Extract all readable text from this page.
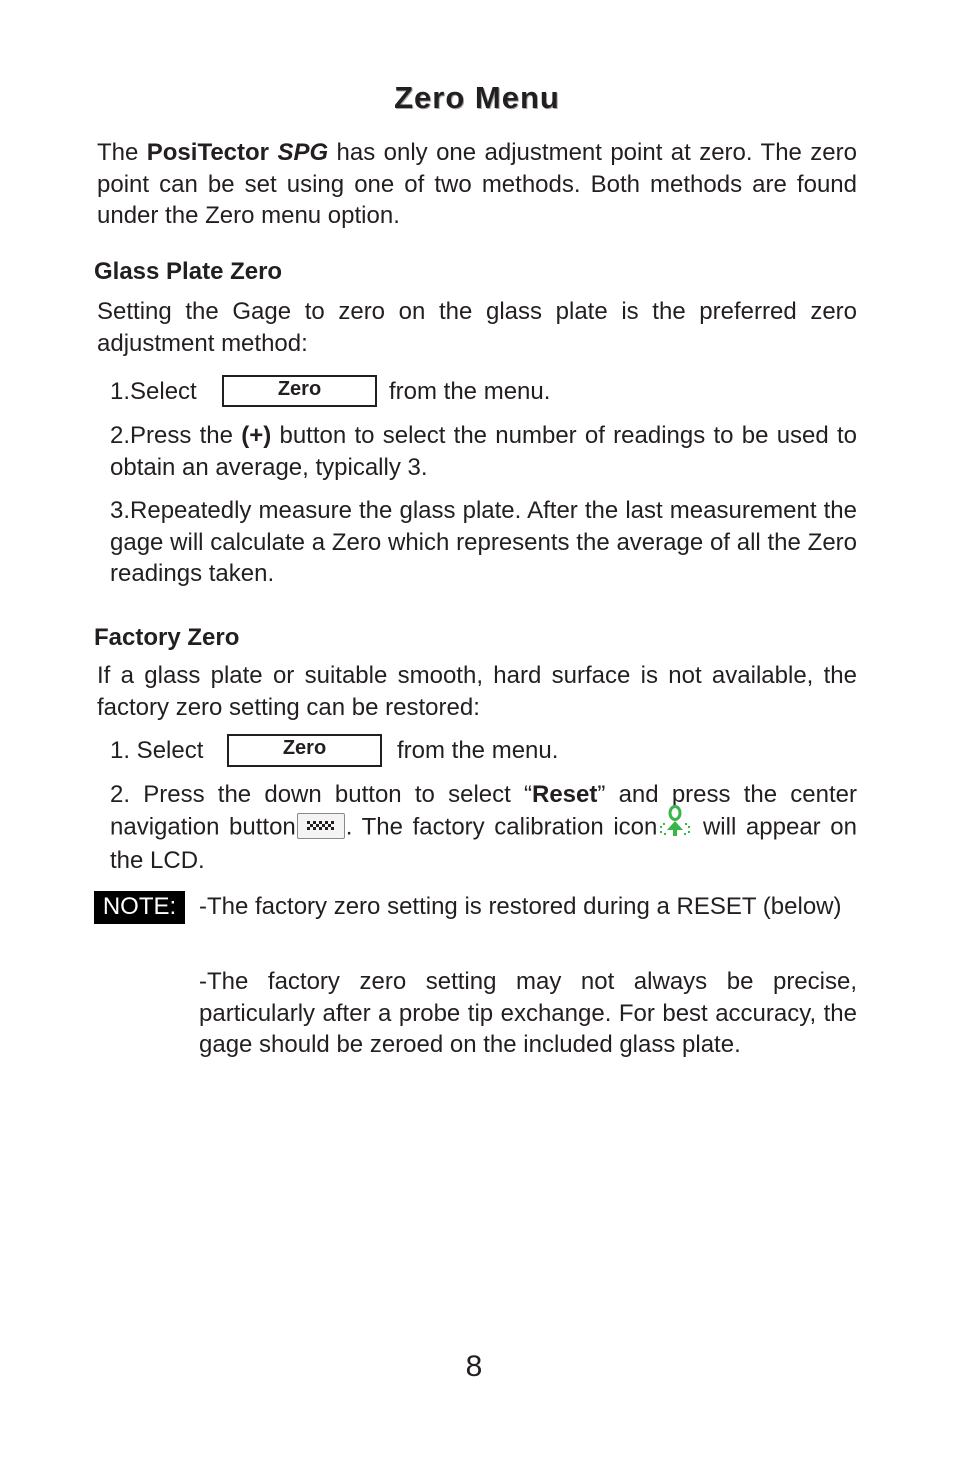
Zero Menu

The PosiTector SPG has only one adjustment point at zero. The zero point can be set using one of two methods. Both methods are found under the Zero menu option.

Glass Plate Zero

Setting the Gage to zero on the glass plate is the preferred zero adjustment method:

1.Select	Zero	from the menu.

2.Press the (+) button to select the number of readings to be used to obtain an average, typically 3.

3.Repeatedly measure the glass plate. After the last measurement the gage will calculate a Zero which represents the average of all the Zero readings taken.

Factory Zero

If a glass plate or suitable smooth, hard surface is not available, the factory zero setting can be restored:

1. Select	Zero	from the menu.

2. Press the down button to select “Reset” and press the center navigation button . The factory calibration icon will appear on the LCD.

NOTE: -The factory zero setting is restored during a RESET (below)

-The factory zero setting may not always be precise, particularly after a probe tip exchange. For best accuracy, the gage should be zeroed on the included glass plate.

8
